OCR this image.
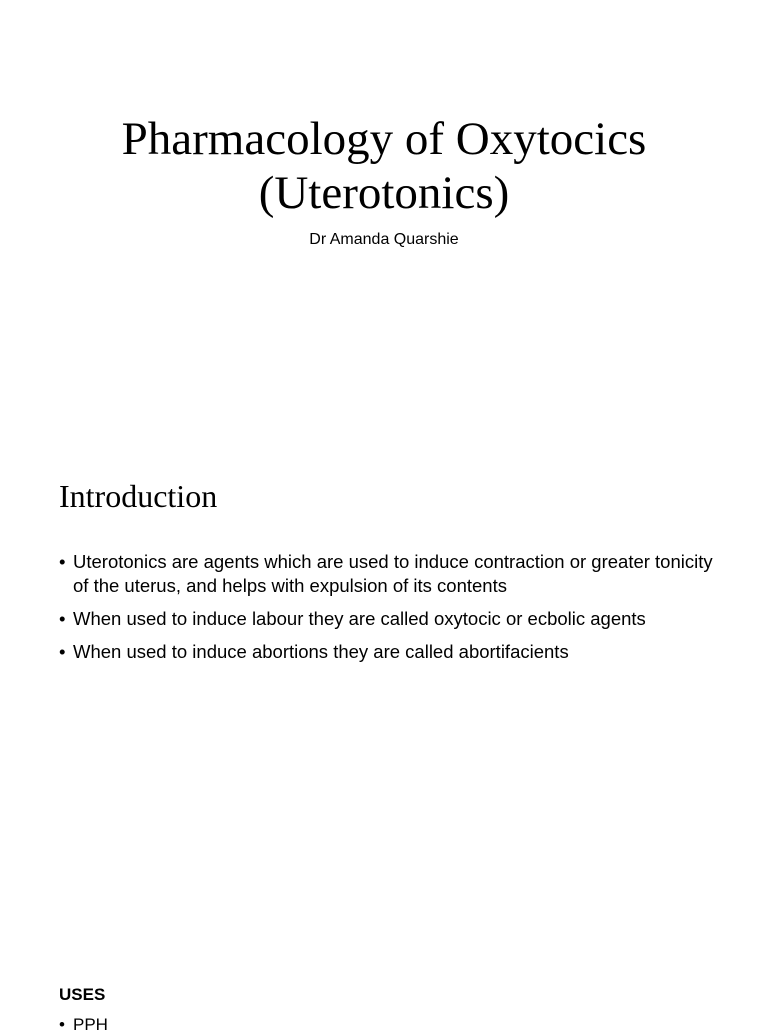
Pharmacology of Oxytocics
(Uterotonics)

Dr Amanda Quarshie

Introduction
• Uterotonics are agents which are used to induce contraction or greater tonicity of the uterus, and helps with expulsion of its contents
• When used to induce labour they are called oxytocic or ecbolic agents
• When used to induce abortions they are called abortifacients
USES
• PPH
